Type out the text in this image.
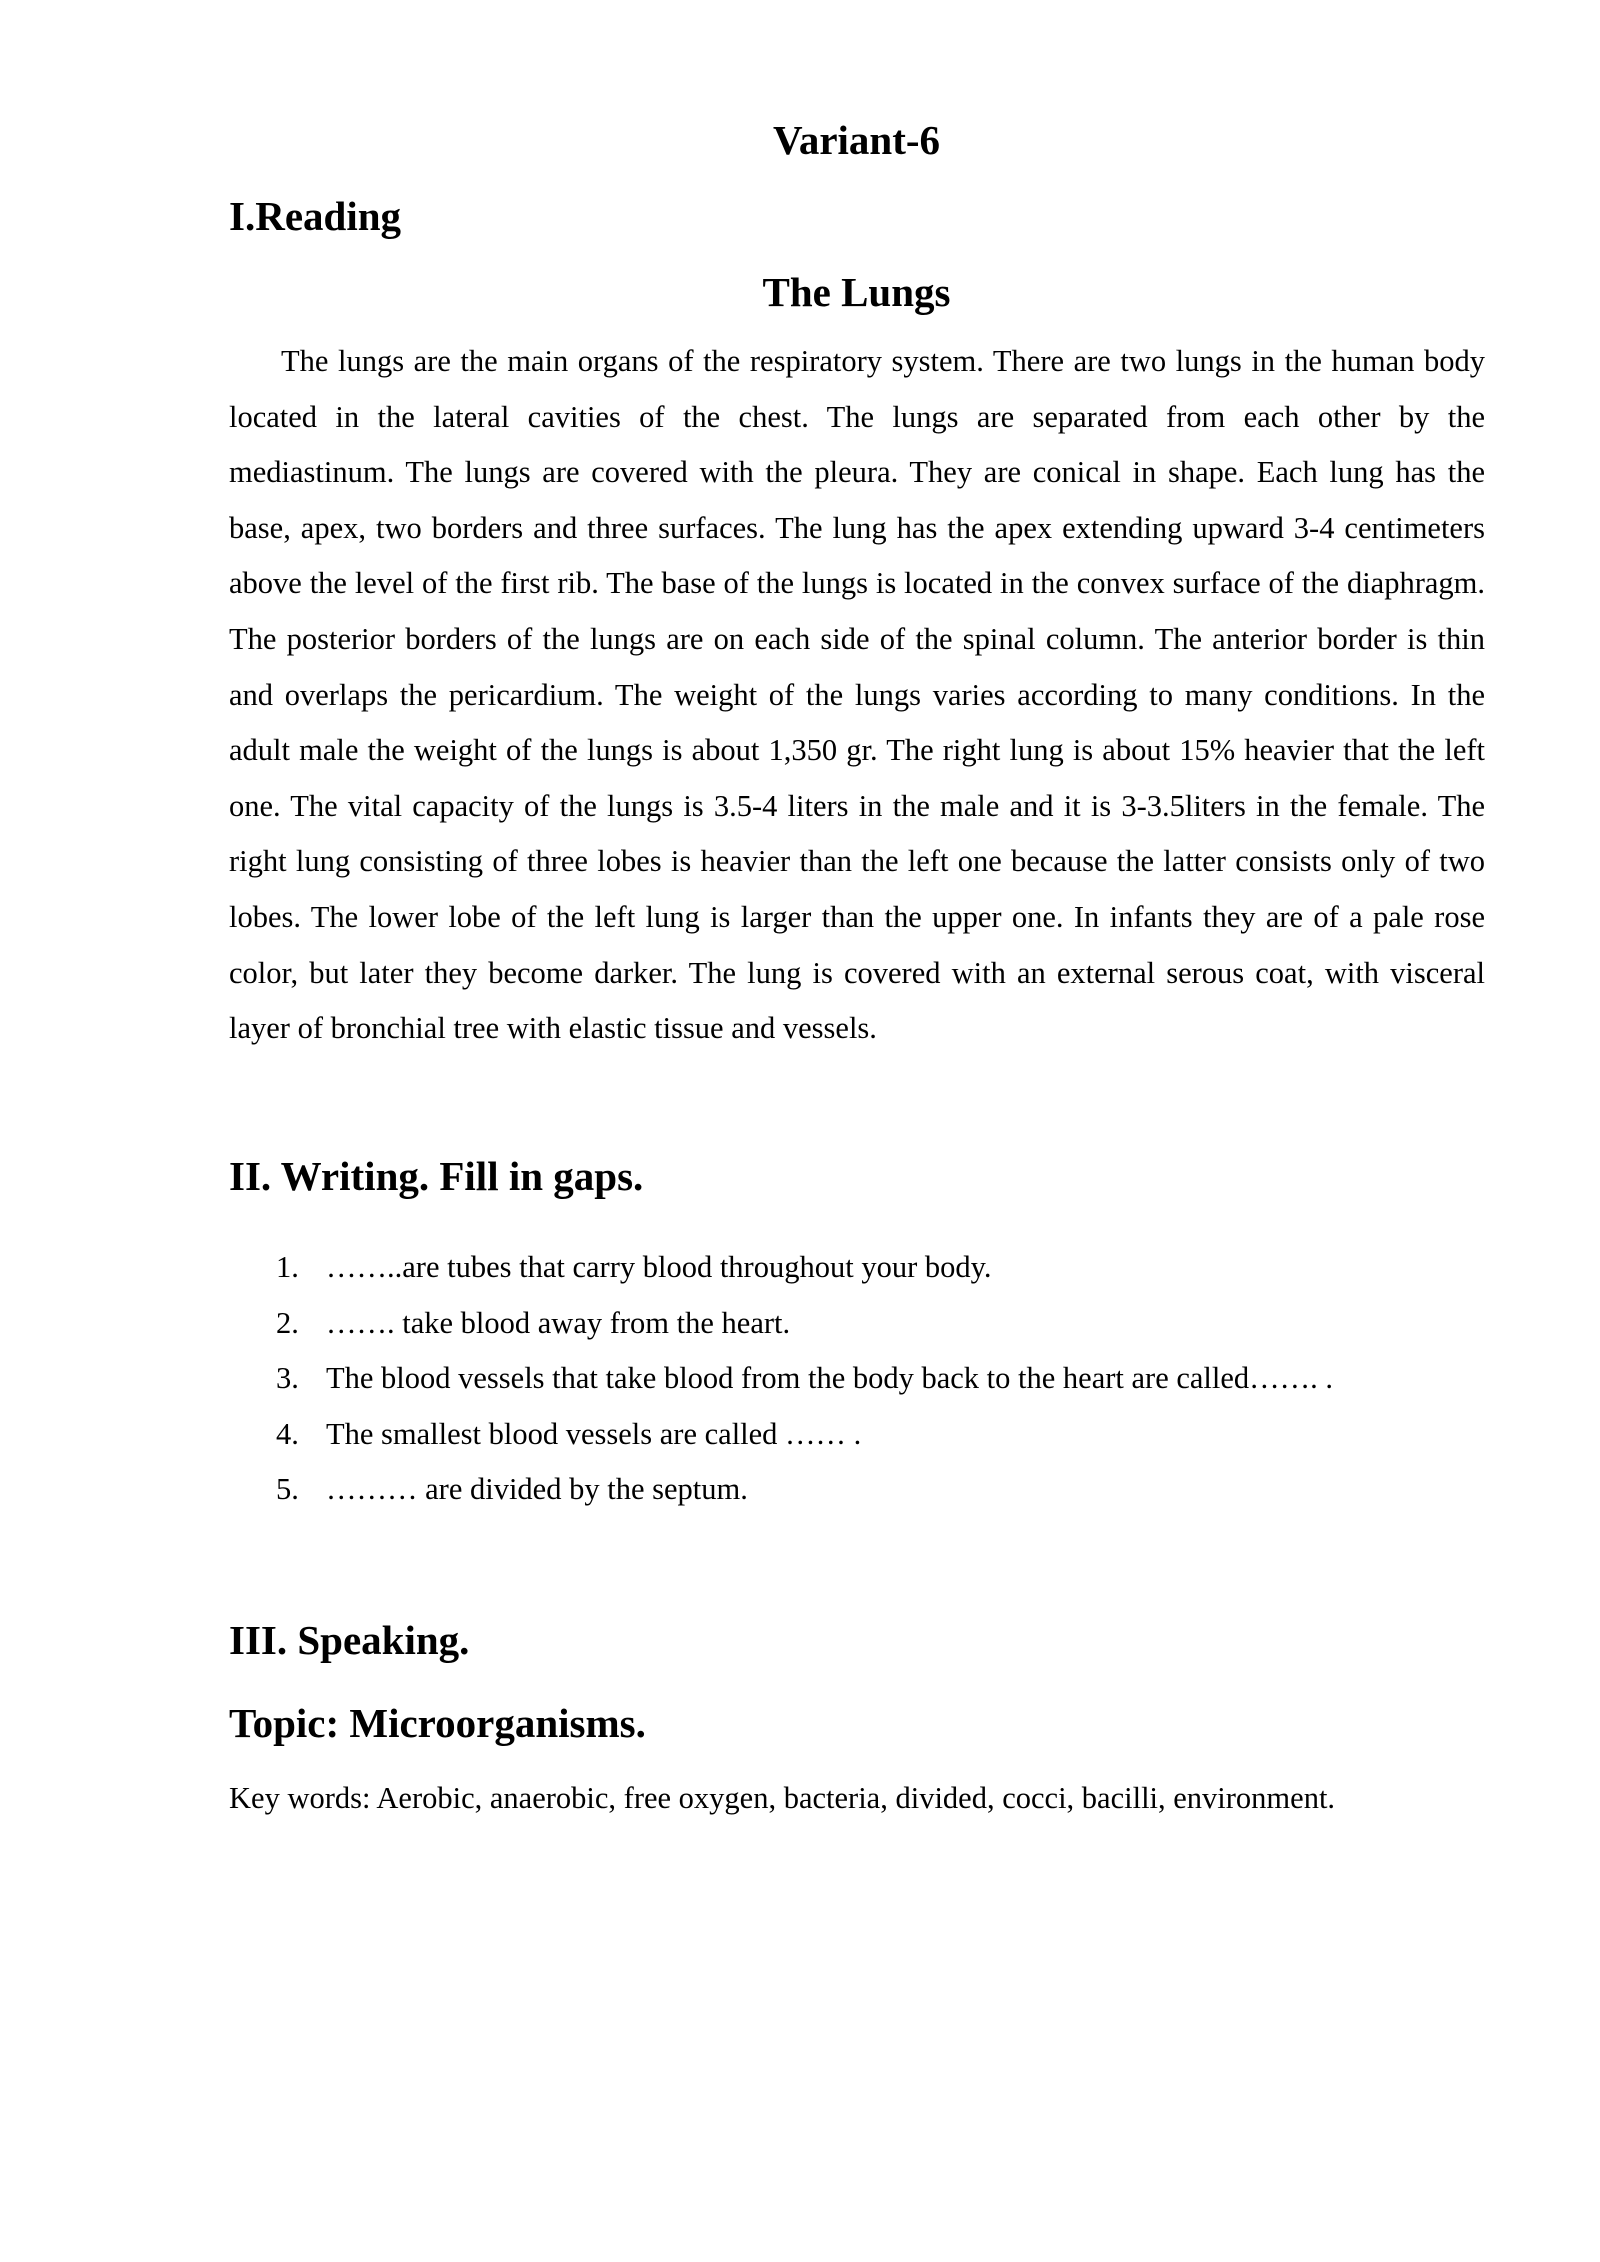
Variant-6
I.Reading
The Lungs

The lungs are the main organs of the respiratory system. There are two lungs in the human body located in the lateral cavities of the chest. The lungs are separated from each other by the mediastinum. The lungs are covered with the pleura. They are conical in shape. Each lung has the base, apex, two borders and three surfaces. The lung has the apex extending upward 3-4 centimeters above the level of the first rib. The base of the lungs is located in the convex surface of the diaphragm. The posterior borders of the lungs are on each side of the spinal column. The anterior border is thin and overlaps the pericardium. The weight of the lungs varies according to many conditions. In the adult male the weight of the lungs is about 1,350 gr. The right lung is about 15% heavier that the left one. The vital capacity of the lungs is 3.5-4 liters in the male and it is 3-3.5liters in the female. The right lung consisting of three lobes is heavier than the left one because the latter consists only of two lobes. The lower lobe of the left lung is larger than the upper one. In infants they are of a pale rose color, but later they become darker. The lung is covered with an external serous coat, with visceral layer of bronchial tree with elastic tissue and vessels.

II. Writing. Fill in gaps.
1. ……..are tubes that carry blood throughout your body.
2. ……. take blood away from the heart.
3. The blood vessels that take blood from the body back to the heart are called……. .
4. The smallest blood vessels are called …… .
5. ……… are divided by the septum.
III. Speaking.
Topic: Microorganisms.

Key words: Aerobic, anaerobic, free oxygen, bacteria, divided, cocci, bacilli, environment.
